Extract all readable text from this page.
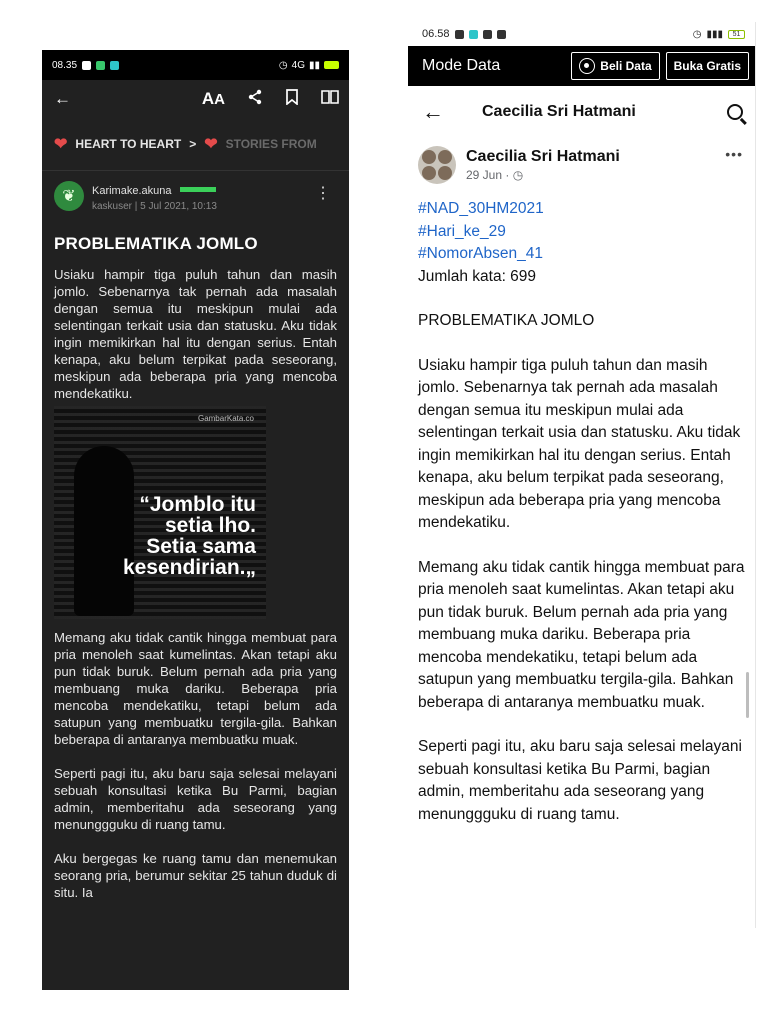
08.35	◷ 4G ▮▮
←	AA
❤ HEART TO HEART > ❤ STORIES FROM
❦	Karimake.akuna
kaskuser | 5 Jul 2021, 10:13
⋮
PROBLEMATIKA JOMLO

Usiaku hampir tiga puluh tahun dan masih jomlo. Sebenarnya tak pernah ada masalah dengan semua itu meskipun mulai ada selentingan terkait usia dan statusku. Aku tidak ingin memikirkan hal itu dengan serius. Entah kenapa, aku belum terpikat pada seseorang, meskipun ada beberapa pria yang mencoba mendekatiku.

GambarKata.co
“Jomblo itu setia lho. Setia sama kesendirian.„

Memang aku tidak cantik hingga membuat para pria menoleh saat kumelintas. Akan tetapi aku pun tidak buruk. Belum pernah ada pria yang membuang muka dariku. Beberapa pria mencoba mendekatiku, tetapi belum ada satupun yang membuatku tergila-gila. Bahkan beberapa di antaranya membuatku muak.

Seperti pagi itu, aku baru saja selesai melayani sebuah konsultasi ketika Bu Parmi, bagian admin, memberitahu ada seseorang yang menunggguku di ruang tamu.

Aku bergegas ke ruang tamu dan menemukan seorang pria, berumur sekitar 25 tahun duduk di situ. Ia

06.58	◷ ▮▮▮	51
Mode Data	Beli Data Buka Gratis
← Caecilia Sri Hatmani
Caecilia Sri Hatmani
29 Jun · ◷
•••
#NAD_30HM2021
#Hari_ke_29
#NomorAbsen_41
Jumlah kata: 699
PROBLEMATIKA JOMLO
Usiaku hampir tiga puluh tahun dan masih jomlo. Sebenarnya tak pernah ada masalah dengan semua itu meskipun mulai ada selentingan terkait usia dan statusku. Aku tidak ingin memikirkan hal itu dengan serius. Entah kenapa, aku belum terpikat pada seseorang, meskipun ada beberapa pria yang mencoba mendekatiku.
Memang aku tidak cantik hingga membuat para pria menoleh saat kumelintas. Akan tetapi aku pun tidak buruk. Belum pernah ada pria yang membuang muka dariku. Beberapa pria mencoba mendekatiku, tetapi belum ada satupun yang membuatku tergila-gila. Bahkan beberapa di antaranya membuatku muak.
Seperti pagi itu, aku baru saja selesai melayani sebuah konsultasi ketika Bu Parmi, bagian admin, memberitahu ada seseorang yang menunggguku di ruang tamu.
